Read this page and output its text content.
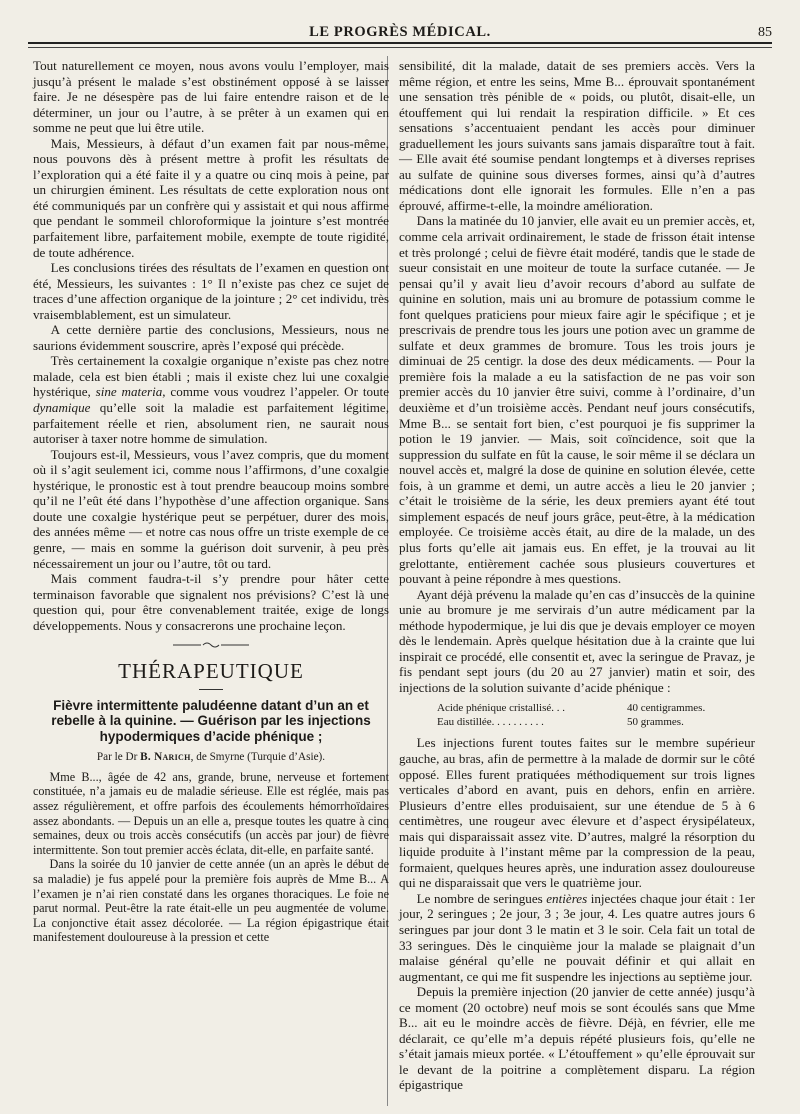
LE PROGRÈS MÉDICAL.	85

Tout naturellement ce moyen, nous avons voulu l’employer, mais jusqu’à présent le malade s’est obstinément opposé à se laisser faire. Je ne désespère pas de lui faire entendre raison et de le déterminer, un jour ou l’autre, à se prêter à un examen qui en somme ne peut que lui être utile.

Mais, Messieurs, à défaut d’un examen fait par nous-même, nous pouvons dès à présent mettre à profit les résultats de l’exploration qui a été faite il y a quatre ou cinq mois à peine, par un chirurgien éminent. Les résultats de cette exploration nous ont été communiqués par un confrère qui y assistait et qui nous affirme que pendant le sommeil chloroformique la jointure s’est montrée parfaitement libre, parfaitement mobile, exempte de toute rigidité, de toute adhérence.

Les conclusions tirées des résultats de l’examen en question ont été, Messieurs, les suivantes : 1° Il n’existe pas chez ce sujet de traces d’une affection organique de la jointure ; 2° cet individu, très vraisemblablement, est un simulateur.

A cette dernière partie des conclusions, Messieurs, nous ne saurions évidemment souscrire, après l’exposé qui précède.

Très certainement la coxalgie organique n’existe pas chez notre malade, cela est bien établi ; mais il existe chez lui une coxalgie hystérique, sine materia, comme vous voudrez l’appeler. Or toute dynamique qu’elle soit la maladie est parfaitement légitime, parfaitement réelle et rien, absolument rien, ne saurait nous autoriser à taxer notre homme de simulation.

Toujours est-il, Messieurs, vous l’avez compris, que du moment où il s’agit seulement ici, comme nous l’affirmons, d’une coxalgie hystérique, le pronostic est à tout prendre beaucoup moins sombre qu’il ne l’eût été dans l’hypothèse d’une affection organique. Sans doute une coxalgie hystérique peut se perpétuer, durer des mois, des années même — et notre cas nous offre un triste exemple de ce genre, — mais en somme la guérison doit survenir, à peu près nécessairement un jour ou l’autre, tôt ou tard.

Mais comment faudra-t-il s’y prendre pour hâter cette terminaison favorable que signalent nos prévisions? C’est là une question qui, pour être convenablement traitée, exige de longs développements. Nous y consacrerons une prochaine leçon.

THÉRAPEUTIQUE
Fièvre intermittente paludéenne datant d’un an et rebelle à la quinine. — Guérison par les injections hypodermiques d’acide phénique ;
Par le Dr B. Narich, de Smyrne (Turquie d’Asie).

Mme B..., âgée de 42 ans, grande, brune, nerveuse et fortement constituée, n’a jamais eu de maladie sérieuse. Elle est réglée, mais pas assez régulièrement, et offre parfois des écoulements hémorrhoïdaires assez abondants. — Depuis un an elle a, presque toutes les quatre à cinq semaines, deux ou trois accès consécutifs (un accès par jour) de fièvre intermittente. Son tout premier accès éclata, dit-elle, en parfaite santé.

Dans la soirée du 10 janvier de cette année (un an après le début de sa maladie) je fus appelé pour la première fois auprès de Mme B... A l’examen je n’ai rien constaté dans les organes thoraciques. Le foie ne parut normal. Peut-être la rate était-elle un peu augmentée de volume. La conjonctive était assez décolorée. — La région épigastrique était manifestement douloureuse à la pression et cette

sensibilité, dit la malade, datait de ses premiers accès. Vers la même région, et entre les seins, Mme B... éprouvait spontanément une sensation très pénible de « poids, ou plutôt, disait-elle, un étouffement qui lui rendait la respiration difficile. » Et ces sensations s’accentuaient pendant les accès pour diminuer graduellement les jours suivants sans jamais disparaître tout à fait. — Elle avait été soumise pendant longtemps et à diverses reprises au sulfate de quinine sous diverses formes, ainsi qu’à d’autres médications dont elle ignorait les formules. Elle n’en a pas éprouvé, affirme-t-elle, la moindre amélioration.

Dans la matinée du 10 janvier, elle avait eu un premier accès, et, comme cela arrivait ordinairement, le stade de frisson était intense et très prolongé ; celui de fièvre était modéré, tandis que le stade de sueur consistait en une moiteur de toute la surface cutanée. — Je pensai qu’il y avait lieu d’avoir recours d’abord au sulfate de quinine en solution, mais uni au bromure de potassium comme le font quelques praticiens pour mieux faire agir le spécifique ; et je prescrivais de prendre tous les jours une potion avec un gramme de sulfate et deux grammes de bromure. Tous les trois jours je diminuai de 25 centigr. la dose des deux médicaments. — Pour la première fois la malade a eu la satisfaction de ne pas voir son premier accès du 10 janvier être suivi, comme à l’ordinaire, d’un deuxième et d’un troisième accès. Pendant neuf jours consécutifs, Mme B... se sentait fort bien, c’est pourquoi je fis supprimer la potion le 19 janvier. — Mais, soit coïncidence, soit que la suppression du sulfate en fût la cause, le soir même il se déclara un nouvel accès et, malgré la dose de quinine en solution élevée, cette fois, à un gramme et demi, un autre accès a lieu le 20 janvier ; c’était le troisième de la série, les deux premiers ayant été tout simplement espacés de neuf jours grâce, peut-être, à la médication employée. Ce troisième accès était, au dire de la malade, un des plus forts qu’elle ait jamais eus. En effet, je la trouvai au lit grelottante, entièrement cachée sous plusieurs couvertures et pouvant à peine répondre à mes questions.

Ayant déjà prévenu la malade qu’en cas d’insuccès de la quinine unie au bromure je me servirais d’un autre médicament par la méthode hypodermique, je lui dis que je devais employer ce moyen dès le lendemain. Après quelque hésitation due à la crainte que lui inspirait ce procédé, elle consentit et, avec la seringue de Pravaz, je fis pendant sept jours (du 20 au 27 janvier) matin et soir, des injections de la solution suivante d’acide phénique :

Acide phénique cristallisé. . .	40 centigrammes.
Eau distillée. . . . . . . . . .	50 grammes.

Les injections furent toutes faites sur le membre supérieur gauche, au bras, afin de permettre à la malade de dormir sur le côté opposé. Elles furent pratiquées méthodiquement sur trois lignes verticales d’abord en avant, puis en dehors, enfin en arrière. Plusieurs d’entre elles produisaient, sur une étendue de 5 à 6 centimètres, une rougeur avec élevure et d’aspect érysipélateux, mais qui disparaissait assez vite. D’autres, malgré la résorption du liquide produite à l’instant même par la compression de la peau, formaient, quelques heures après, une induration assez douloureuse qui ne disparaissait que vers le quatrième jour.

Le nombre de seringues entières injectées chaque jour était : 1er jour, 2 seringues ; 2e jour, 3 ; 3e jour, 4. Les quatre autres jours 6 seringues par jour dont 3 le matin et 3 le soir. Cela fait un total de 33 seringues. Dès le cinquième jour la malade se plaignait d’un malaise général qu’elle ne pouvait définir et qui allait en augmentant, ce qui me fit suspendre les injections au septième jour.

Depuis la première injection (20 janvier de cette année) jusqu’à ce moment (20 octobre) neuf mois se sont écoulés sans que Mme B... ait eu le moindre accès de fièvre. Déjà, en février, elle me déclarait, ce qu’elle m’a depuis répété plusieurs fois, qu’elle ne s’était jamais mieux portée. « L’étouffement » qu’elle éprouvait sur le devant de la poitrine a complètement disparu. La région épigastrique
